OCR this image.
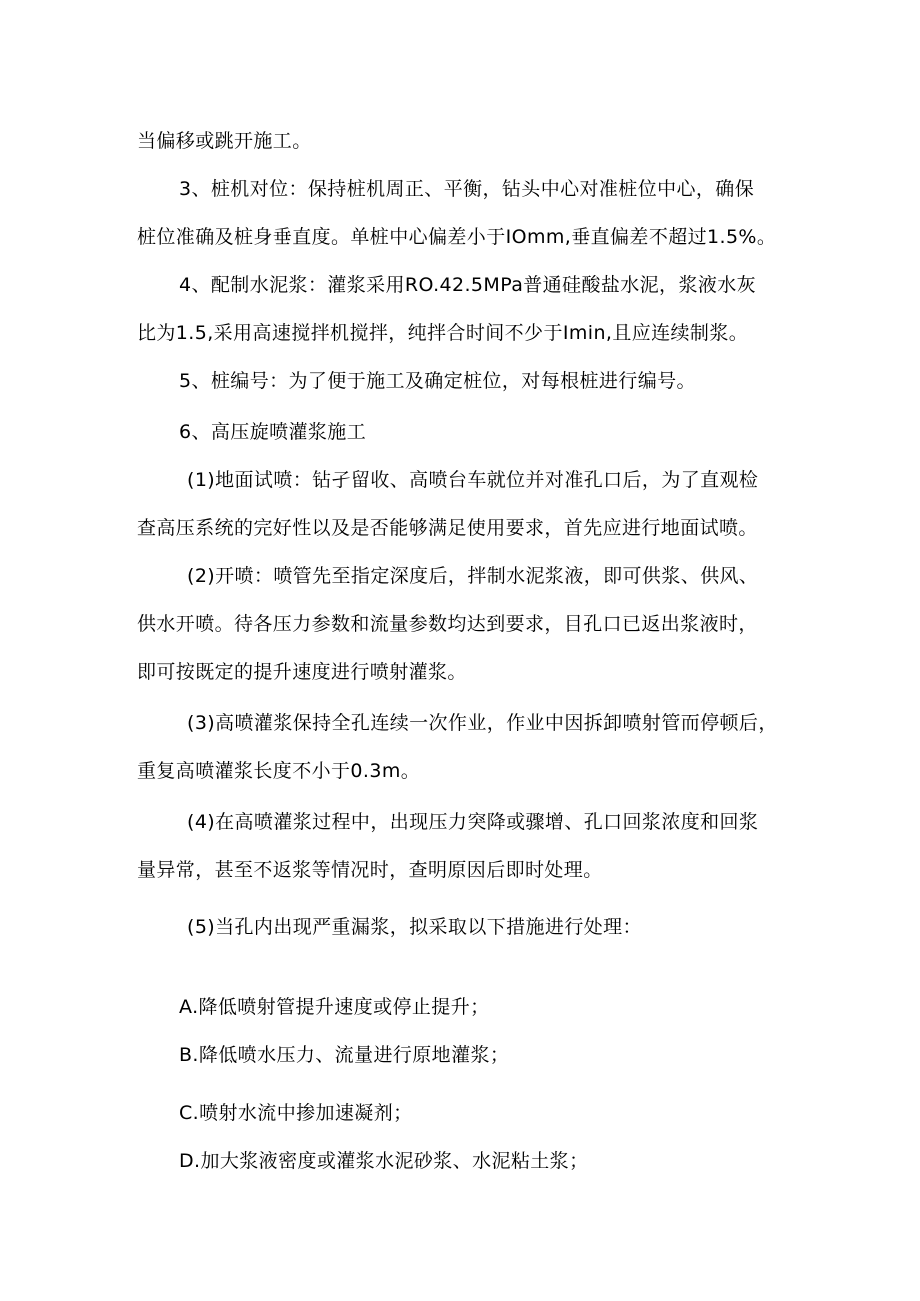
当偏移或跳开施工。
3、桩机对位：保持桩机周正、平衡，钻头中心对准桩位中心，确保
桩位准确及桩身垂直度。单桩中心偏差小于IOmm,垂直偏差不超过1.5%。
4、配制水泥浆：灌浆采用RO.42.5MPa普通硅酸盐水泥，浆液水灰
比为1.5,采用高速搅拌机搅拌，纯拌合时间不少于Imin,且应连续制浆。
5、桩编号：为了便于施工及确定桩位，对每根桩进行编号。
6、高压旋喷灌浆施工
(1)地面试喷：钻孑留收、高喷台车就位并对准孔口后，为了直观检
查高压系统的完好性以及是否能够满足使用要求，首先应进行地面试喷。
(2)开喷：喷管先至指定深度后，拌制水泥浆液，即可供浆、供风、
供水开喷。待各压力参数和流量参数均达到要求，目孔口已返出浆液时，
即可按既定的提升速度进行喷射灌浆。
(3)高喷灌浆保持全孔连续一次作业，作业中因拆卸喷射管而停顿后，
重复高喷灌浆长度不小于0.3m。
(4)在高喷灌浆过程中，出现压力突降或骤增、孔口回浆浓度和回浆
量异常，甚至不返浆等情况时，查明原因后即时处理。
(5)当孔内出现严重漏浆，拟采取以下措施进行处理：
A.降低喷射管提升速度或停止提升；
B.降低喷水压力、流量进行原地灌浆；
C.喷射水流中掺加速凝剂；
D.加大浆液密度或灌浆水泥砂浆、水泥粘土浆；
